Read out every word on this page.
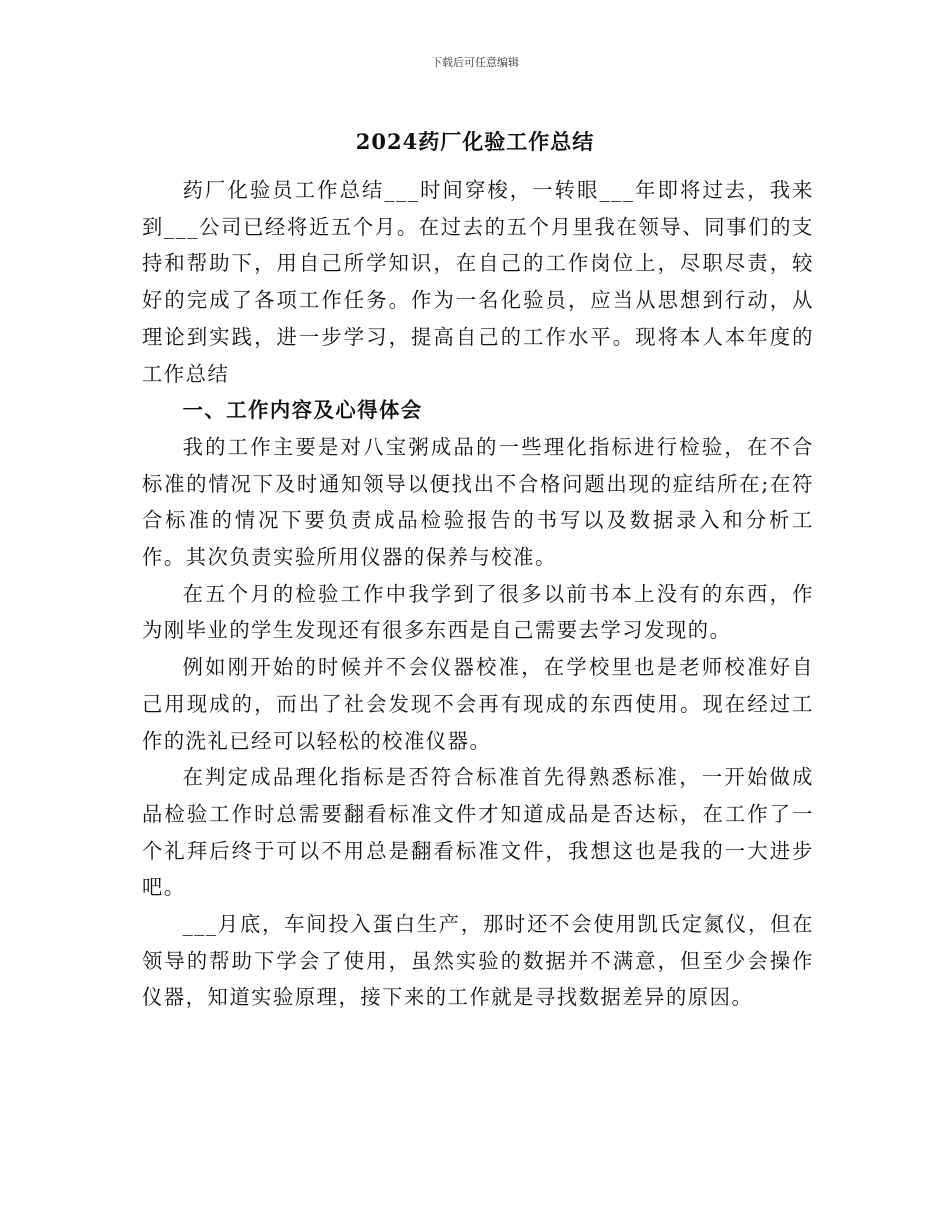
下载后可任意编辑
2024药厂化验工作总结

药厂化验员工作总结___时间穿梭，一转眼___年即将过去，我来到___公司已经将近五个月。在过去的五个月里我在领导、同事们的支持和帮助下，用自己所学知识，在自己的工作岗位上，尽职尽责，较好的完成了各项工作任务。作为一名化验员，应当从思想到行动，从理论到实践，进一步学习，提高自己的工作水平。现将本人本年度的工作总结

一、工作内容及心得体会

我的工作主要是对八宝粥成品的一些理化指标进行检验，在不合标准的情况下及时通知领导以便找出不合格问题出现的症结所在;在符合标准的情况下要负责成品检验报告的书写以及数据录入和分析工作。其次负责实验所用仪器的保养与校准。

在五个月的检验工作中我学到了很多以前书本上没有的东西，作为刚毕业的学生发现还有很多东西是自己需要去学习发现的。

例如刚开始的时候并不会仪器校准，在学校里也是老师校准好自己用现成的，而出了社会发现不会再有现成的东西使用。现在经过工作的洗礼已经可以轻松的校准仪器。

在判定成品理化指标是否符合标准首先得熟悉标准，一开始做成品检验工作时总需要翻看标准文件才知道成品是否达标，在工作了一个礼拜后终于可以不用总是翻看标准文件，我想这也是我的一大进步吧。

___月底，车间投入蛋白生产，那时还不会使用凯氏定氮仪，但在领导的帮助下学会了使用，虽然实验的数据并不满意，但至少会操作仪器，知道实验原理，接下来的工作就是寻找数据差异的原因。
